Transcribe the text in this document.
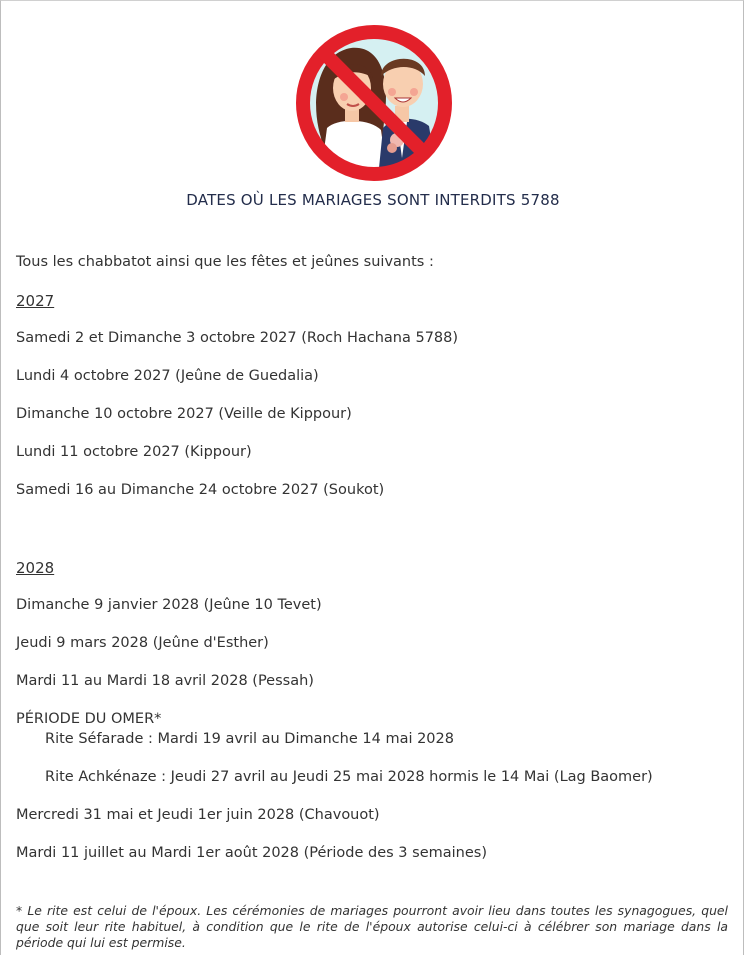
DATES OÙ LES MARIAGES SONT INTERDITS 5788
Tous les chabbatot ainsi que les fêtes et jeûnes suivants :
2027
Samedi 2 et Dimanche 3 octobre 2027 (Roch Hachana 5788)
Lundi 4 octobre 2027 (Jeûne de Guedalia)
Dimanche 10 octobre 2027 (Veille de Kippour)
Lundi 11 octobre 2027 (Kippour)
Samedi 16 au Dimanche 24 octobre 2027 (Soukot)
2028
Dimanche 9 janvier 2028 (Jeûne 10 Tevet)
Jeudi 9 mars 2028 (Jeûne d'Esther)
Mardi 11 au Mardi 18 avril 2028 (Pessah)
PÉRIODE DU OMER*
Rite Séfarade : Mardi 19 avril au Dimanche 14 mai 2028
Rite Achkénaze : Jeudi 27 avril au Jeudi 25 mai 2028 hormis le 14 Mai (Lag Baomer)
Mercredi 31 mai et Jeudi 1er juin 2028 (Chavouot)
Mardi 11 juillet au Mardi 1er août 2028 (Période des 3 semaines)
* Le rite est celui de l'époux. Les cérémonies de mariages pourront avoir lieu dans toutes les synagogues, quel que soit leur rite habituel, à condition que le rite de l'époux autorise celui-ci à célébrer son mariage dans la période qui lui est permise.
